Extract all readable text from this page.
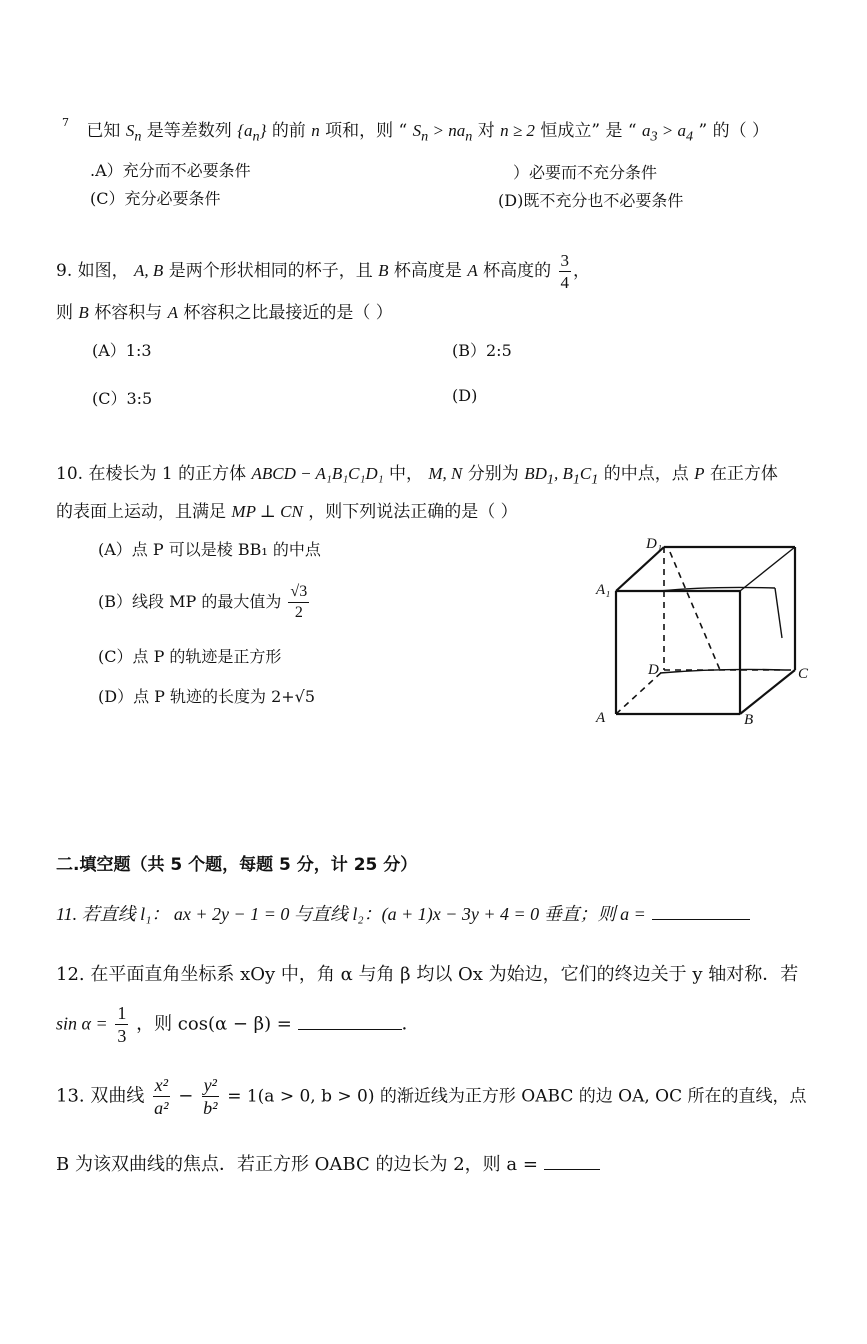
$^7$ 已知 $S_n$ 是等差数列 $\{a_n\}$ 的前 n 项和，则 “ $S_n > na_n$ 对 n ≥ 2 恒成立” 是 “ $a_3 > a_4$ ” 的（ ）
.A）充分而不必要条件	）必要而不充分条件
(C）充分必要条件	(D)既不充分也不必要条件
9. 如图， A, B 是两个形状相同的杯子，且 B 杯高度是 A 杯高度的 $\frac{3}{4}$ ，
则 B 杯容积与 A 杯容积之比最接近的是（ ）
(A）1:3	(B）2:5
(C）3:5	(D)
10. 在棱长为 1 的正方体 ABCD − A₁B₁C₁D₁ 中， M, N 分别为 $BD_1$, $B_1C_1$ 的中点，点 P 在正方体
的表面上运动，且满足 MP ⊥ CN ，则下列说法正确的是（ ）
(A）点 P 可以是棱 BB₁ 的中点
(B）线段 MP 的最大值为 $\frac{√3}{2}$
(C）点 P 的轨迹是正方形
(D）点 P 轨迹的长度为 2+√5
D₁
A₁
D	C
A	B
二.填空题（共 5 个题，每题 5 分，计 25 分）
11. 若直线 l₁： ax + 2y − 1 = 0 与直线 l₂：(a + 1)x − 3y + 4 = 0 垂直；则 a =
12. 在平面直角坐标系 xOy 中，角 α 与角 β 均以 Ox 为始边，它们的终边关于 y 轴对称．若
$\sin \alpha = \frac{1}{3}$ ，则 cos(α − β) =	．
13. 双曲线 $\frac{\text{x²}}{\text{a²}} - \frac{\text{y²}}{\text{b²}} = 1(a > 0$, b > 0) 的渐近线为正方形 OABC 的边 OA, OC 所在的直线，点
B 为该双曲线的焦点．若正方形 OABC 的边长为 2，则 a =
